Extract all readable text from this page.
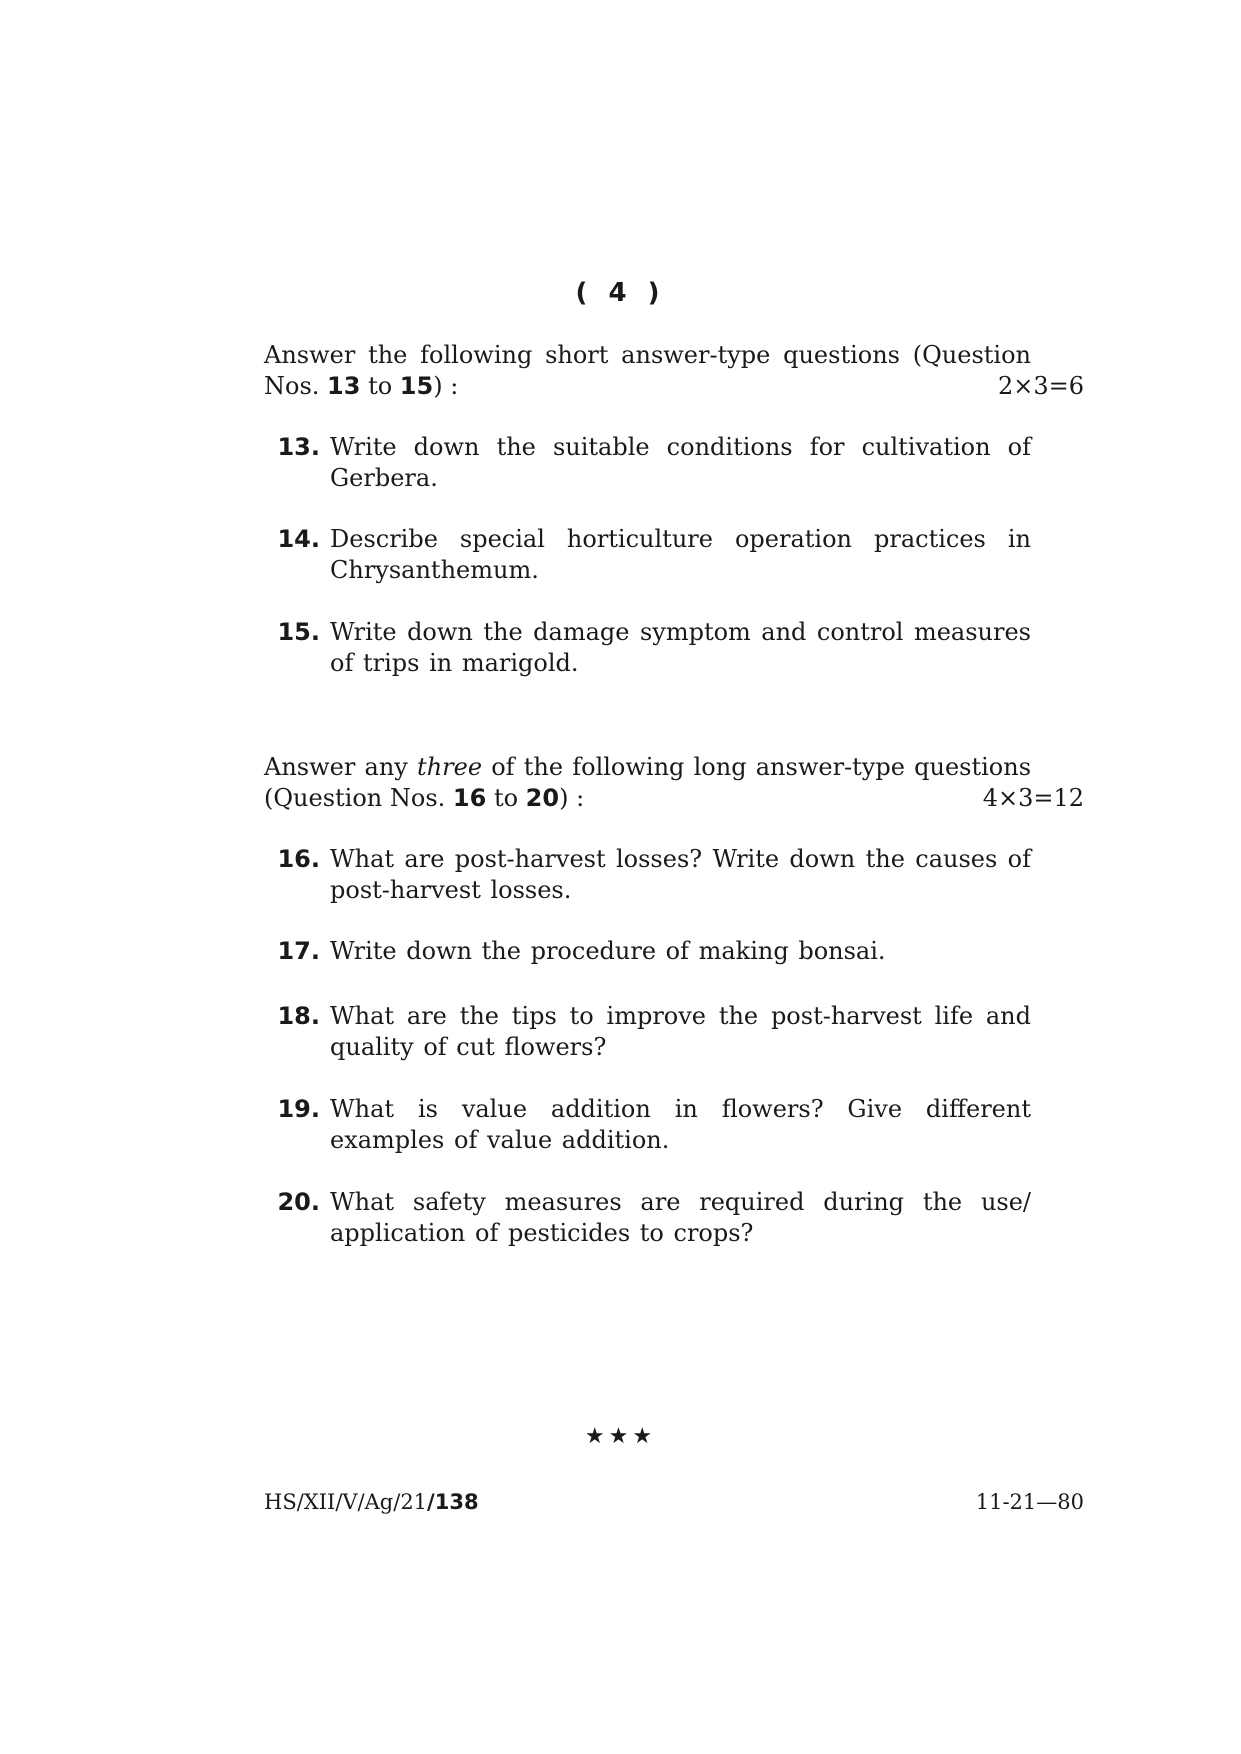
( 4 )
Answer the following short answer-type questions (Question
Nos. 13 to 15) :	2×3=6
13. Write down the suitable conditions for cultivation of Gerbera.
14. Describe special horticulture operation practices in Chrysanthemum.
15. Write down the damage symptom and control measures of trips in marigold.
Answer any three of the following long answer-type questions
(Question Nos. 16 to 20) :	4×3=12
16. What are post-harvest losses? Write down the causes of post-harvest losses.
17. Write down the procedure of making bonsai.
18. What are the tips to improve the post-harvest life and quality of cut flowers?
19. What is value addition in flowers? Give different examples of value addition.
20. What safety measures are required during the use/ application of pesticides to crops?
★★★
HS/XII/V/Ag/21/138	11-21—80
